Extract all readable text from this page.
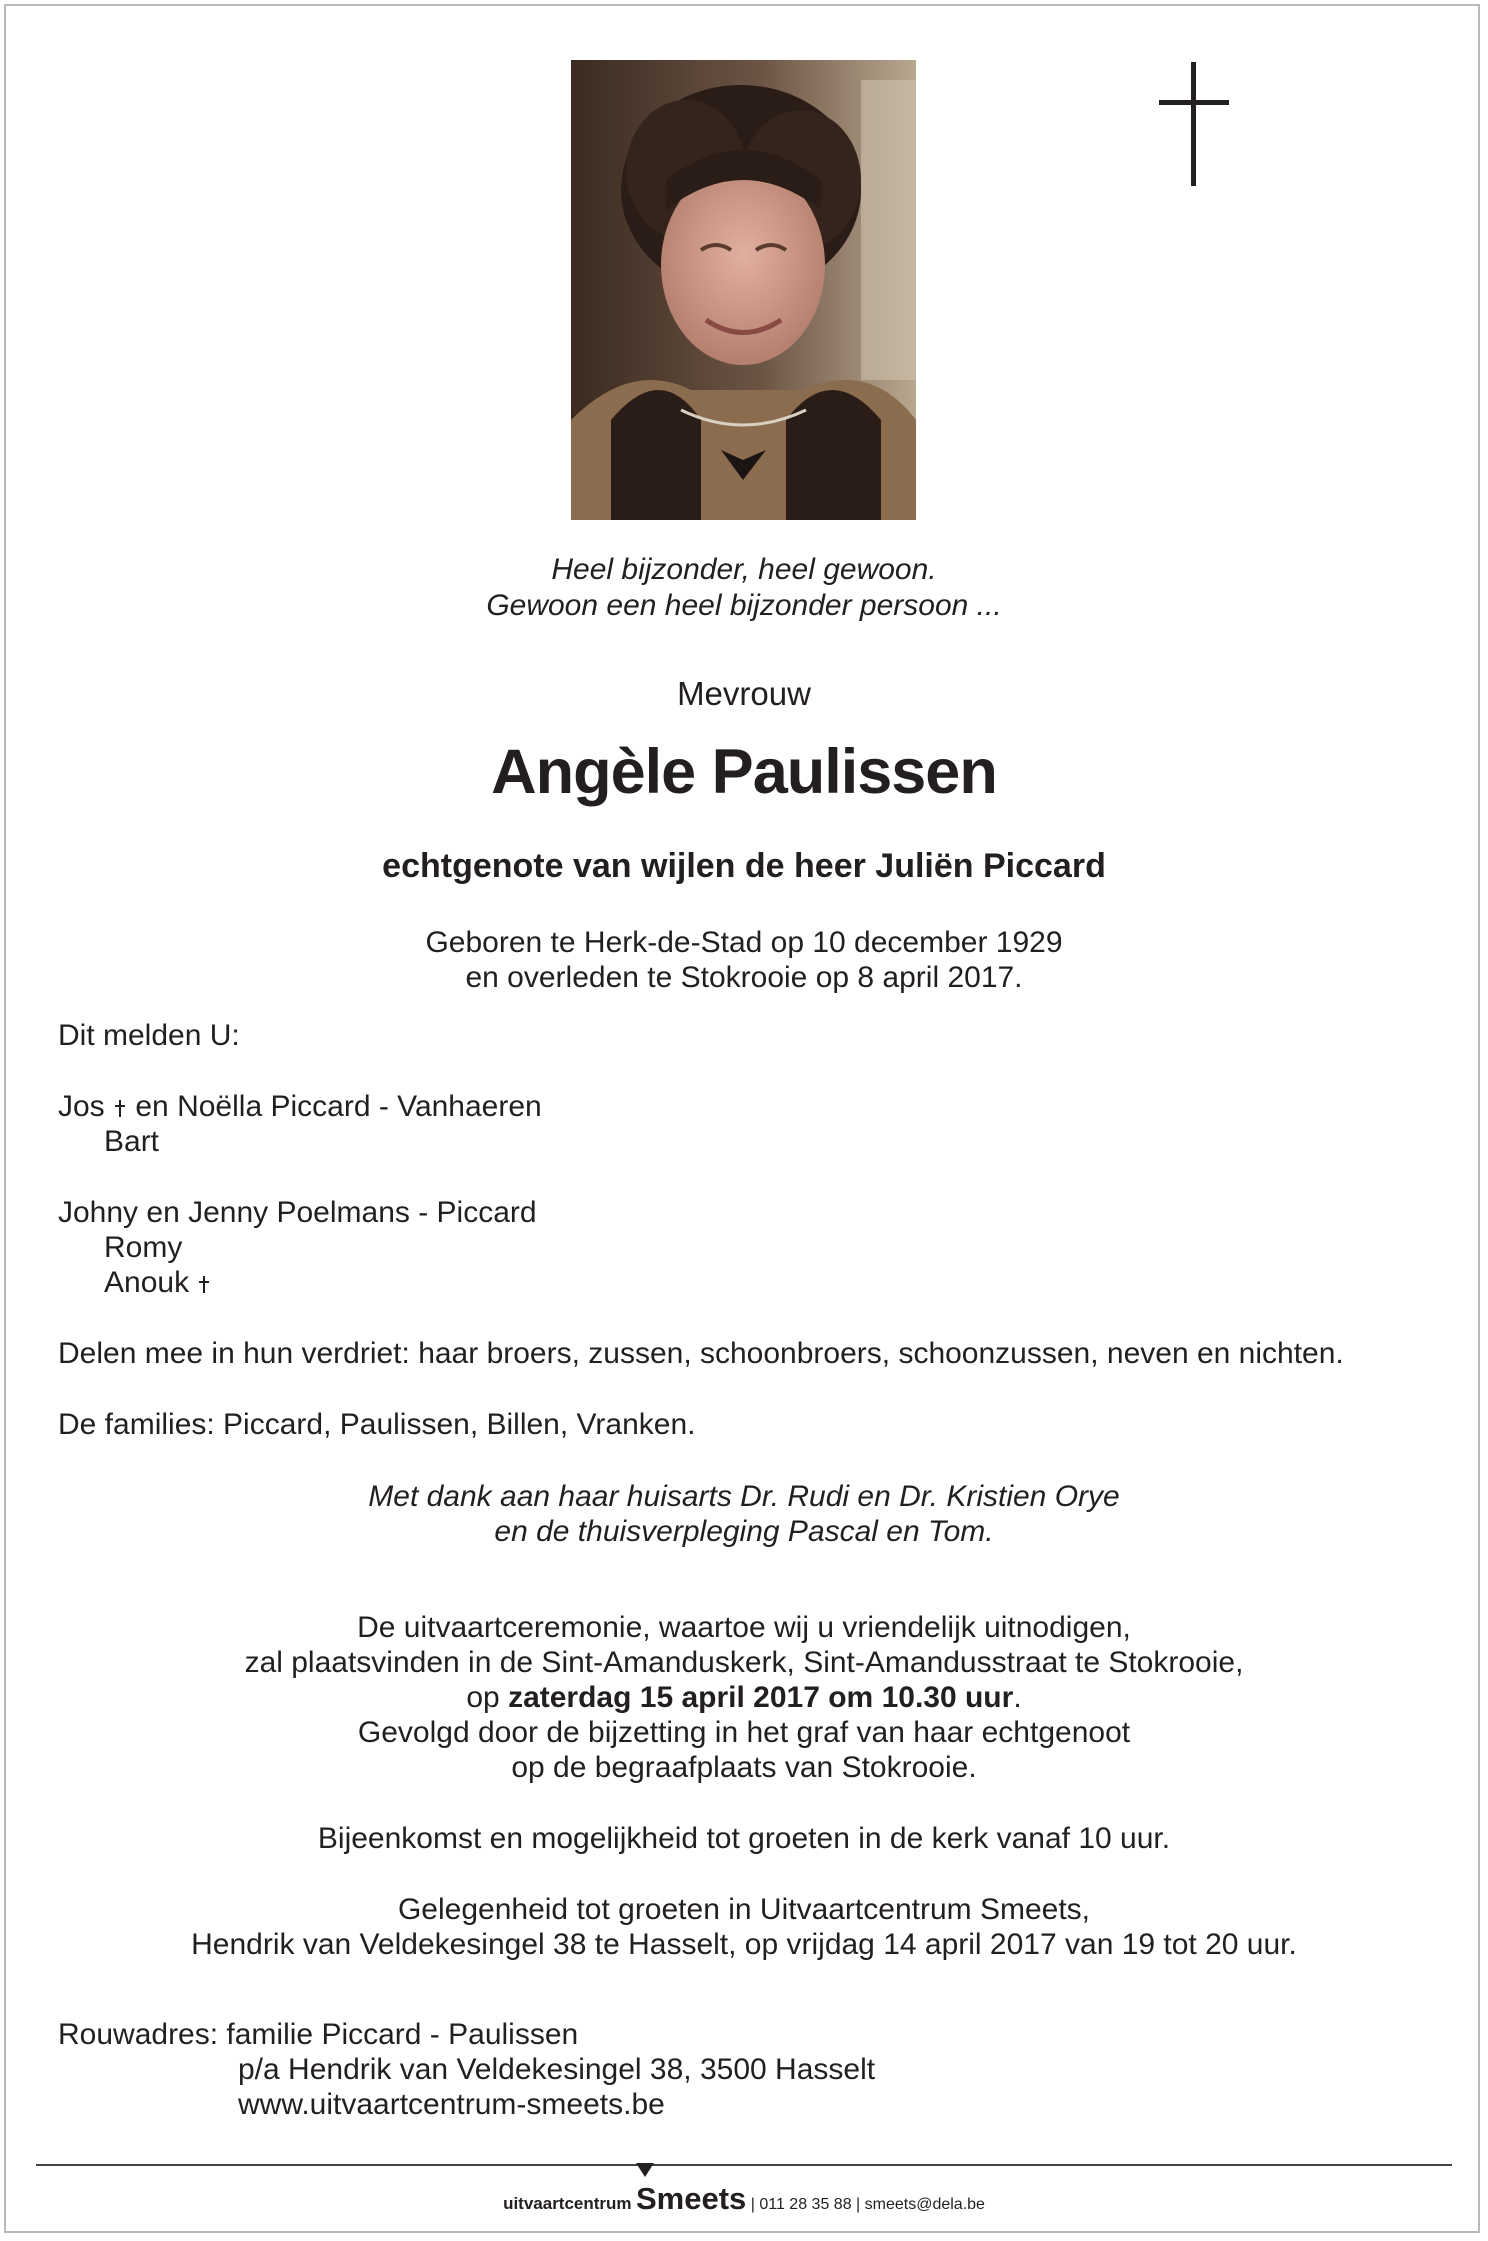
Heel bijzonder, heel gewoon.
Gewoon een heel bijzonder persoon ...
Mevrouw
Angèle Paulissen
echtgenote van wijlen de heer Juliën Piccard
Geboren te Herk-de-Stad op 10 december 1929
en overleden te Stokrooie op 8 april 2017.
Dit melden U:
Jos en Noëlla Piccard - Vanhaeren
Bart
Johny en Jenny Poelmans - Piccard
Romy
Anouk
Delen mee in hun verdriet: haar broers, zussen, schoonbroers, schoonzussen, neven en nichten.
De families: Piccard, Paulissen, Billen, Vranken.
Met dank aan haar huisarts Dr. Rudi en Dr. Kristien Orye
en de thuisverpleging Pascal en Tom.
De uitvaartceremonie, waartoe wij u vriendelijk uitnodigen,
zal plaatsvinden in de Sint-Amanduskerk, Sint-Amandusstraat te Stokrooie,
op zaterdag 15 april 2017 om 10.30 uur.
Gevolgd door de bijzetting in het graf van haar echtgenoot
op de begraafplaats van Stokrooie.
Bijeenkomst en mogelijkheid tot groeten in de kerk vanaf 10 uur.
Gelegenheid tot groeten in Uitvaartcentrum Smeets,
Hendrik van Veldekesingel 38 te Hasselt, op vrijdag 14 april 2017 van 19 tot 20 uur.
Rouwadres: familie Piccard - Paulissen
p/a Hendrik van Veldekesingel 38, 3500 Hasselt
www.uitvaartcentrum-smeets.be
uitvaartcentrum Smeets | 011 28 35 88 | smeets@dela.be
